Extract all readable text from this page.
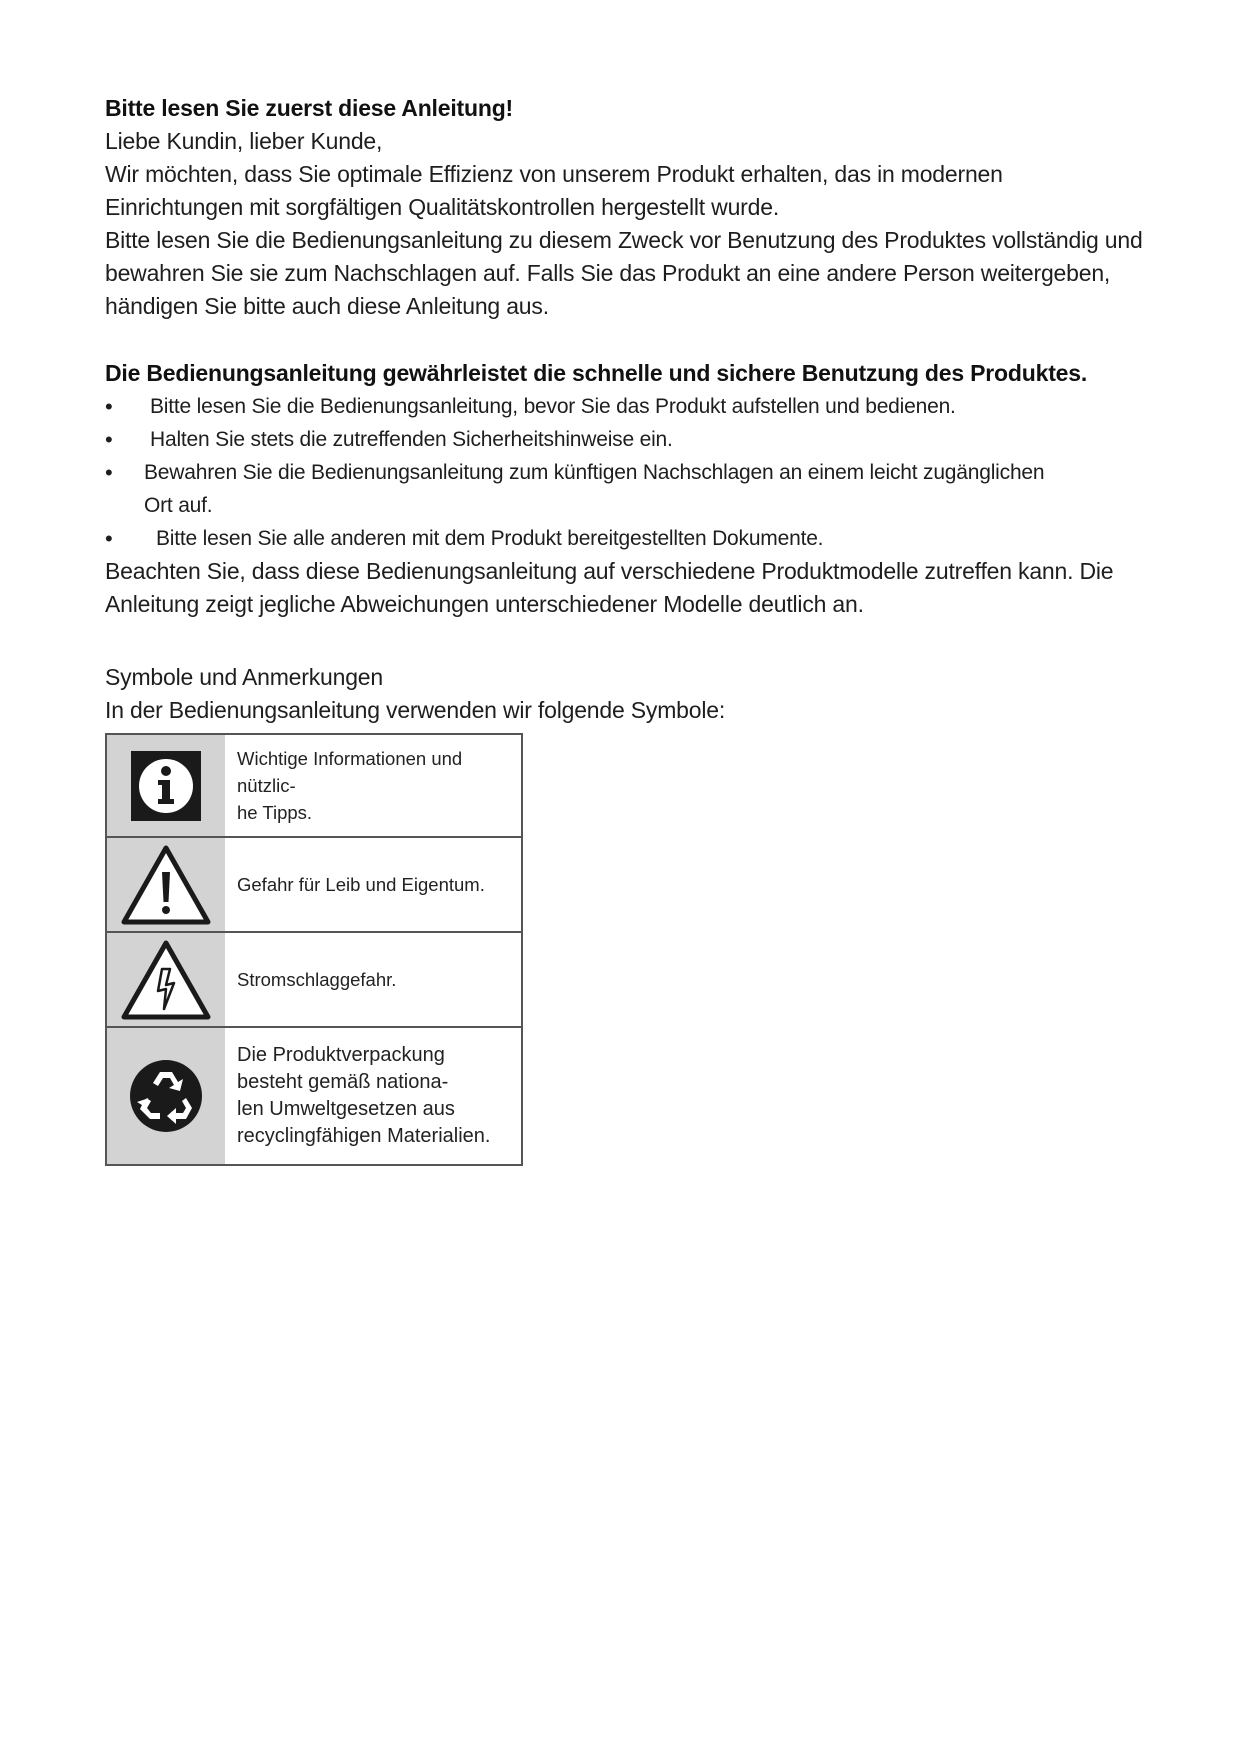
Bitte lesen Sie zuerst diese Anleitung!
Liebe Kundin, lieber Kunde,
Wir möchten, dass Sie optimale Effizienz von unserem Produkt erhalten, das in modernen
Einrichtungen mit sorgfältigen Qualitätskontrollen hergestellt wurde.
Bitte lesen Sie die Bedienungsanleitung zu diesem Zweck vor Benutzung des Produktes vollständig und
bewahren Sie sie zum Nachschlagen auf. Falls Sie das Produkt an eine andere Person weitergeben,
händigen Sie bitte auch diese Anleitung aus.
Die Bedienungsanleitung gewährleistet die schnelle und sichere Benutzung des Produktes.
• Bitte lesen Sie die Bedienungsanleitung, bevor Sie das Produkt aufstellen und bedienen.
• Halten Sie stets die zutreffenden Sicherheitshinweise ein.
• Bewahren Sie die Bedienungsanleitung zum künftigen Nachschlagen an einem leicht zugänglichen Ort auf.
• Bitte lesen Sie alle anderen mit dem Produkt bereitgestellten Dokumente.
Beachten Sie, dass diese Bedienungsanleitung auf verschiedene Produktmodelle zutreffen kann. Die
Anleitung zeigt jegliche Abweichungen unterschiedener Modelle deutlich an.
Symbole und Anmerkungen
In der Bedienungsanleitung verwenden wir folgende Symbole:

Wichtige Informationen und nützlic-
he Tipps.

Gefahr für Leib und Eigentum.

Stromschlaggefahr.

Die Produktverpackung
besteht gemäß nationa-
len Umweltgesetzen aus
recyclingfähigen Materialien.
